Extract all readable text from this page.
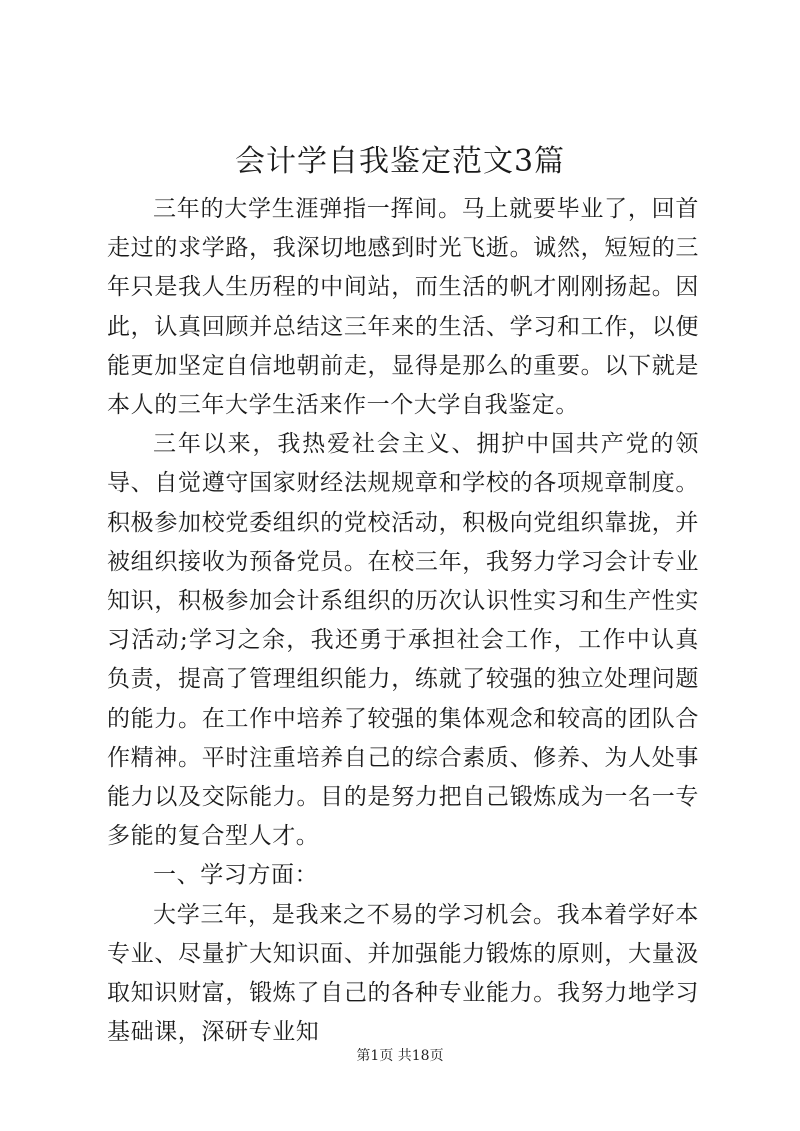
会计学自我鉴定范文3篇

三年的大学生涯弹指一挥间。马上就要毕业了，回首走过的求学路，我深切地感到时光飞逝。诚然，短短的三年只是我人生历程的中间站，而生活的帆才刚刚扬起。因此，认真回顾并总结这三年来的生活、学习和工作，以便能更加坚定自信地朝前走，显得是那么的重要。以下就是本人的三年大学生活来作一个大学自我鉴定。

三年以来，我热爱社会主义、拥护中国共产党的领导、自觉遵守国家财经法规规章和学校的各项规章制度。积极参加校党委组织的党校活动，积极向党组织靠拢，并被组织接收为预备党员。在校三年，我努力学习会计专业知识，积极参加会计系组织的历次认识性实习和生产性实习活动;学习之余，我还勇于承担社会工作，工作中认真负责，提高了管理组织能力，练就了较强的独立处理问题的能力。在工作中培养了较强的集体观念和较高的团队合作精神。平时注重培养自己的综合素质、修养、为人处事能力以及交际能力。目的是努力把自己锻炼成为一名一专多能的复合型人才。

一、学习方面：

大学三年，是我来之不易的学习机会。我本着学好本专业、尽量扩大知识面、并加强能力锻炼的原则，大量汲取知识财富，锻炼了自己的各种专业能力。我努力地学习基础课，深研专业知

第1页 共18页
